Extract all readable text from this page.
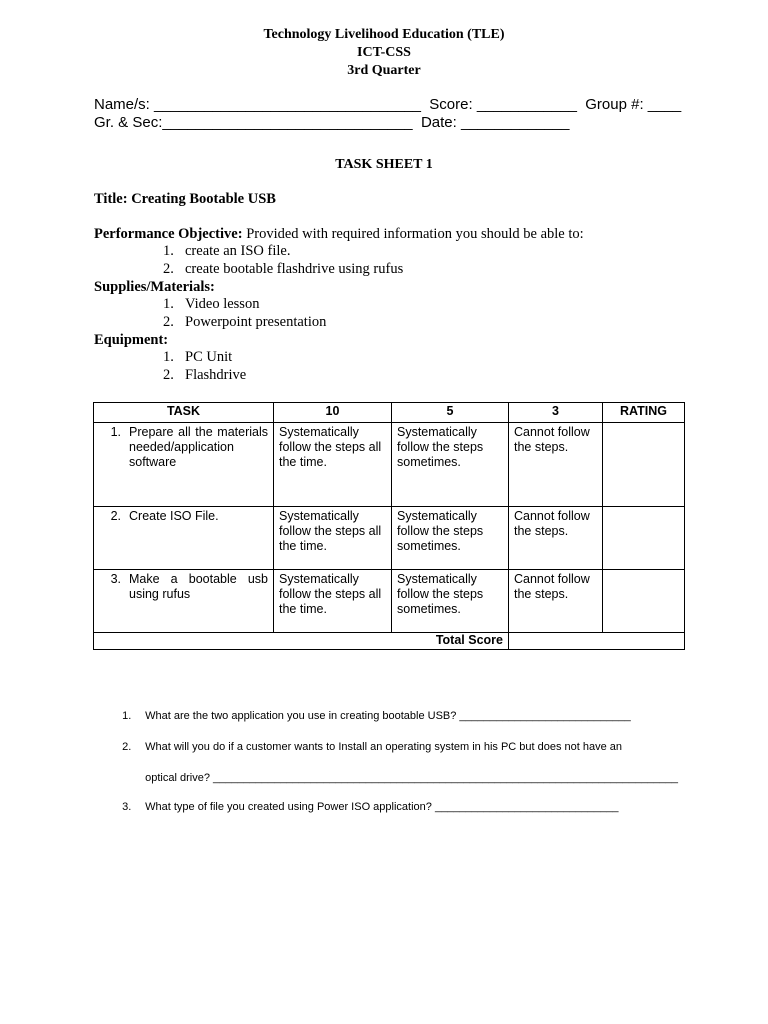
Technology Livelihood Education (TLE)
ICT-CSS
3rd Quarter
Name/s: ________________________________  Score: ____________  Group #: ____
Gr. & Sec:______________________________  Date: _____________
TASK SHEET 1
Title: Creating Bootable USB
Performance Objective: Provided with required information you should be able to:
1. create an ISO file.
2. create bootable flashdrive using rufus
Supplies/Materials:
1. Video lesson
2. Powerpoint presentation
Equipment:
1. PC Unit
2. Flashdrive
TASK	10	5	3	RATING

1. Prepare all the materials needed/application software	Systematically follow the steps all the time.	Systematically follow the steps sometimes.	Cannot follow the steps.	

2. Create ISO File.	Systematically follow the steps all the time.	Systematically follow the steps sometimes.	Cannot follow the steps.	

3. Make a bootable usb using rufus	Systematically follow the steps all the time.	Systematically follow the steps sometimes.	Cannot follow the steps.	
Total Score				

1. What are the two application you use in creating bootable USB? ____________________________

2. What will you do if a customer wants to Install an operating system in his PC but does not have an

optical drive? ____________________________________________________________________________

3. What type of file you created using Power ISO application? ______________________________
